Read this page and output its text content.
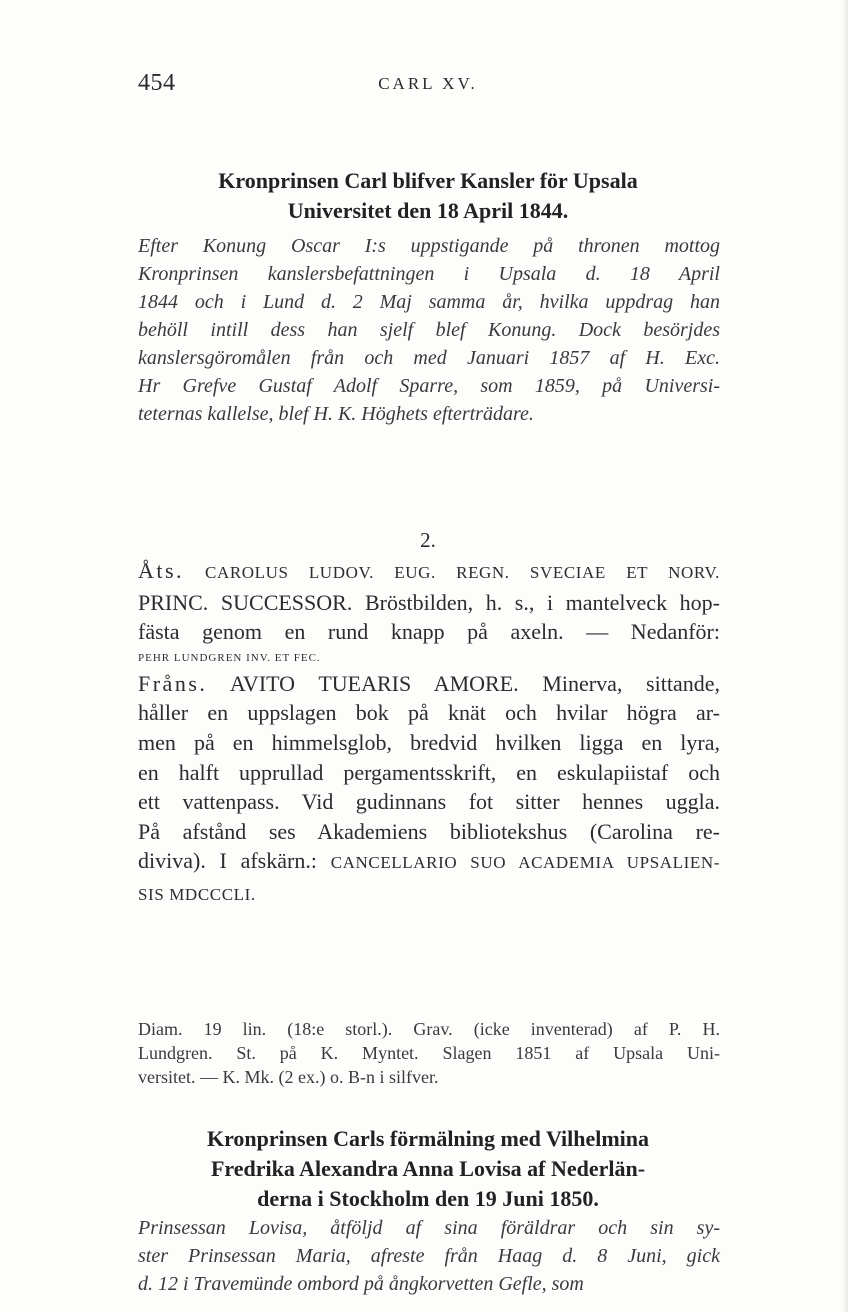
454	CARL XV.
Kronprinsen Carl blifver Kansler för Upsala
Universitet den 18 April 1844.
Efter Konung Oscar I:s uppstigande på thronen mottog
Kronprinsen kanslersbefattningen i Upsala d. 18 April
1844 och i Lund d. 2 Maj samma år, hvilka uppdrag han
behöll intill dess han sjelf blef Konung. Dock besörjdes
kanslersgöromålen från och med Januari 1857 af H. Exc.
Hr Grefve Gustaf Adolf Sparre, som 1859, på Universi-
teternas kallelse, blef H. K. Höghets efterträdare.
2.
Åts. CAROLUS LUDOV. EUG. REGN. SVECIAE ET NORV.
PRINC. SUCCESSOR. Bröstbilden, h. s., i mantelveck hop-
fästa genom en rund knapp på axeln. — Nedanför:
PEHR LUNDGREN INV. ET FEC.
Fråns. AVITO TUEARIS AMORE. Minerva, sittande,
håller en uppslagen bok på knät och hvilar högra ar-
men på en himmelsglob, bredvid hvilken ligga en lyra,
en halft upprullad pergamentsskrift, en eskulapiistaf och
ett vattenpass. Vid gudinnans fot sitter hennes uggla.
På afstånd ses Akademiens bibliotekshus (Carolina re-
diviva). I afskärn.: CANCELLARIO SUO ACADEMIA UPSALIEN-
SIS MDCCCLI.
Diam. 19 lin. (18:e storl.). Grav. (icke inventerad) af P. H.
Lundgren. St. på K. Myntet. Slagen 1851 af Upsala Uni-
versitet. — K. Mk. (2 ex.) o. B-n i silfver.
Kronprinsen Carls förmälning med Vilhelmina
Fredrika Alexandra Anna Lovisa af Nederlän-
derna i Stockholm den 19 Juni 1850.
Prinsessan Lovisa, åtföljd af sina föräldrar och sin sy-
ster Prinsessan Maria, afreste från Haag d. 8 Juni, gick
d. 12 i Travemünde ombord på ångkorvetten Gefle, som
